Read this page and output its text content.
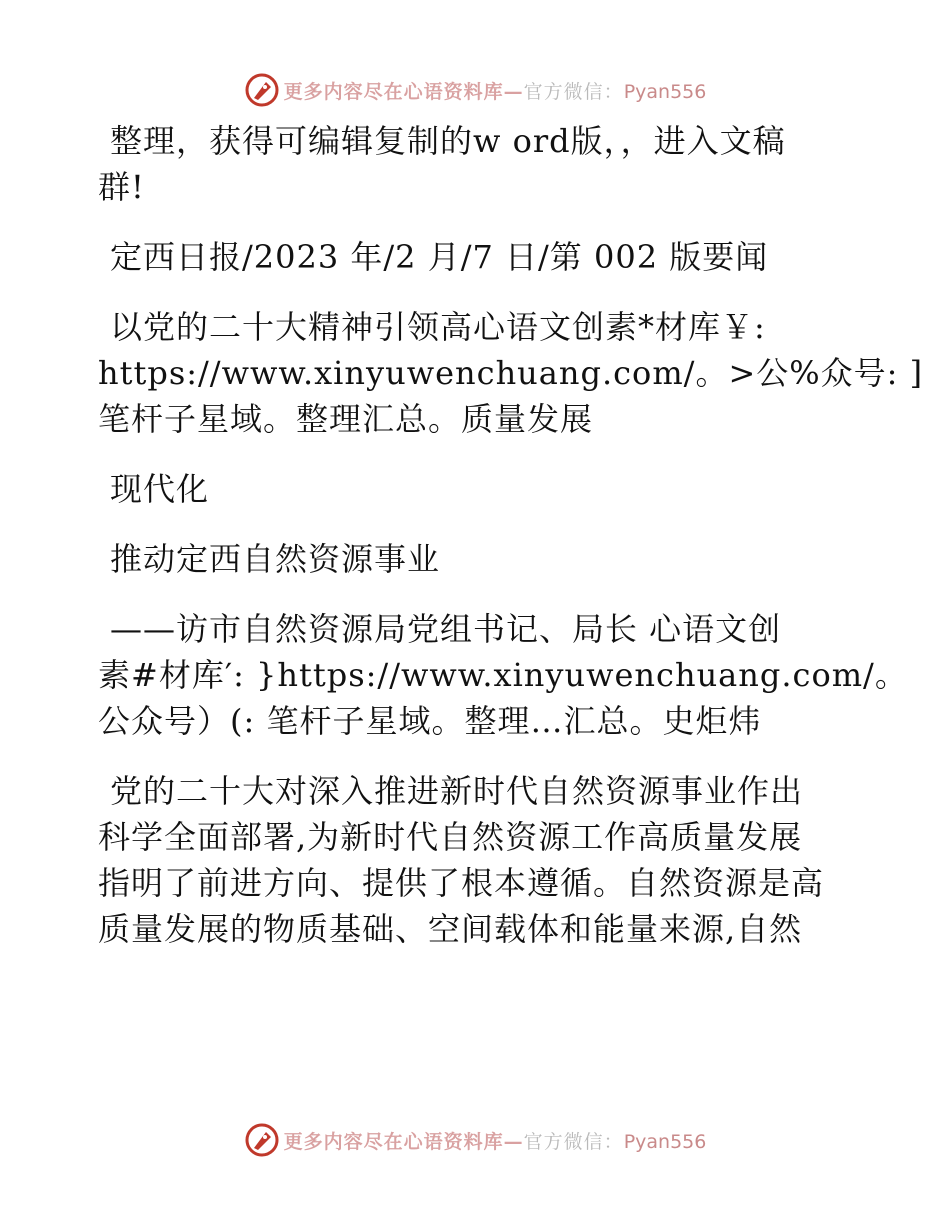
更多内容尽在心语资料库—官方微信：Pyan556

整理，获得可编辑复制的w ord版，，进入文稿
群!

定西日报/2023 年/2 月/7 日/第 002 版要闻

以党的二十大精神引领高心语文创素*材库￥:
https://www.xinyuwenchuang.com/。>公%众号: ]
笔杆子星域。整理汇总。质量发展

现代化

推动定西自然资源事业

——访市自然资源局党组书记、局长 心语文创
素#材库′: }https://www.xinyuwenchuang.com/。
公众号）(: 笔杆子星域。整理…汇总。史炬炜

党的二十大对深入推进新时代自然资源事业作出
科学全面部署,为新时代自然资源工作高质量发展
指明了前进方向、提供了根本遵循。自然资源是高
质量发展的物质基础、空间载体和能量来源,自然

更多内容尽在心语资料库—官方微信：Pyan556
